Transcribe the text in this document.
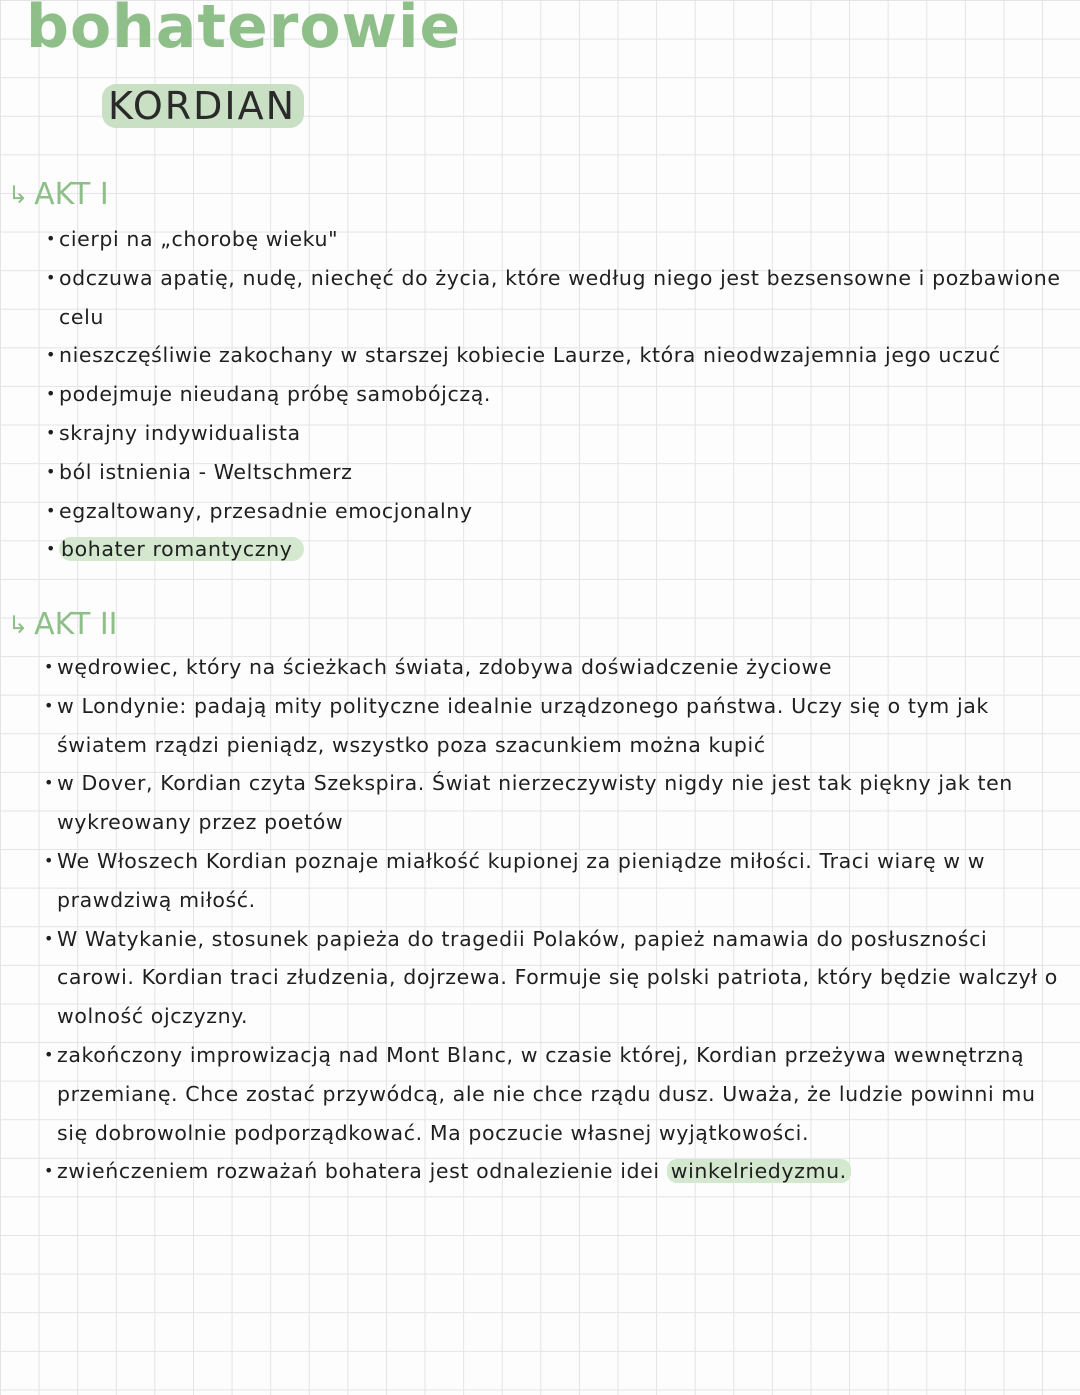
bohaterowie
KORDIAN
↳ AKT I
• cierpi na „chorobę wieku"
• odczuwa apatię, nudę, niechęć do życia, które według niego jest bezsensowne i pozbawione celu
• nieszczęśliwie zakochany w starszej kobiecie Laurze, która nieodwzajemnia jego uczuć
• podejmuje nieudaną próbę samobójczą.
• skrajny indywidualista
• ból istnienia - Weltschmerz
• egzaltowany, przesadnie emocjonalny
• bohater romantyczny
↳ AKT II
• wędrowiec, który na ścieżkach świata, zdobywa doświadczenie życiowe
• w Londynie: padają mity polityczne idealnie urządzonego państwa. Uczy się o tym jak światem rządzi pieniądz, wszystko poza szacunkiem można kupić
• w Dover, Kordian czyta Szekspira. Świat nierzeczywisty nigdy nie jest tak piękny jak ten wykreowany przez poetów
• We Włoszech Kordian poznaje miałkość kupionej za pieniądze miłości. Traci wiarę w w prawdziwą miłość.
• W Watykanie, stosunek papieża do tragedii Polaków, papież namawia do posłuszności carowi. Kordian traci złudzenia, dojrzewa. Formuje się polski patriota, który będzie walczył o wolność ojczyzny.
• zakończony improwizacją nad Mont Blanc, w czasie której, Kordian przeżywa wewnętrzną przemianę. Chce zostać przywódcą, ale nie chce rządu dusz. Uważa, że ludzie powinni mu się dobrowolnie podporządkować. Ma poczucie własnej wyjątkowości.
• zwieńczeniem rozważań bohatera jest odnalezienie idei winkelriedyzmu.
